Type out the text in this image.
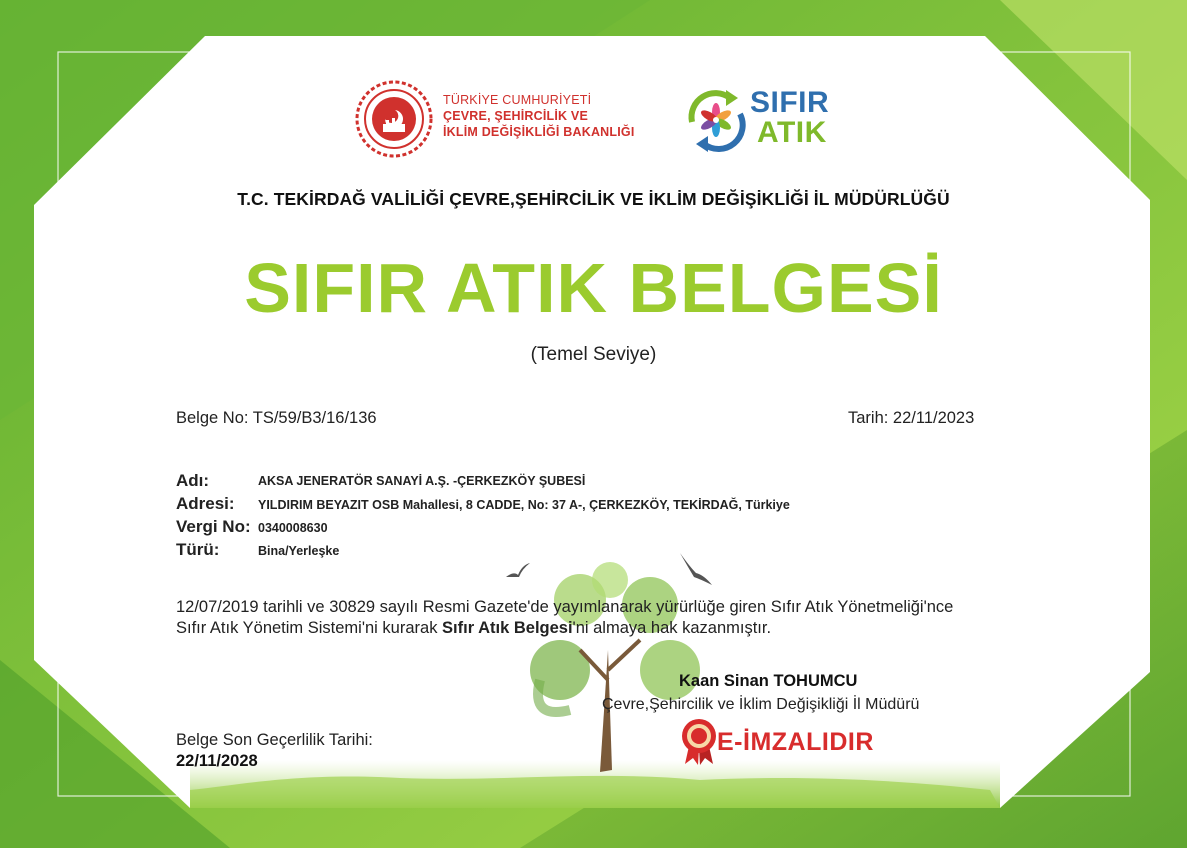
TÜRKİYE CUMHURİYETİ
ÇEVRE, ŞEHİRCİLİK VE
İKLİM DEĞİŞİKLİĞİ BAKANLIĞI
SIFIR
ATIK
T.C. TEKİRDAĞ VALİLİĞİ ÇEVRE,ŞEHİRCİLİK VE İKLİM DEĞİŞİKLİĞİ İL MÜDÜRLÜĞÜ
SIFIR ATIK BELGESİ
(Temel Seviye)
Belge No: TS/59/B3/16/136	Tarih: 22/11/2023
Adı:	AKSA JENERATÖR SANAYİ A.Ş. -ÇERKEZKÖY ŞUBESİ
Adresi: YILDIRIM BEYAZIT OSB Mahallesi, 8 CADDE, No: 37 A-, ÇERKEZKÖY, TEKİRDAĞ, Türkiye
Vergi No: 0340008630
Türü:	Bina/Yerleşke
12/07/2019 tarihli ve 30829 sayılı Resmi Gazete'de yayımlanarak yürürlüğe giren Sıfır Atık Yönetmeliği'nce Sıfır Atık Yönetim Sistemi'ni kurarak Sıfır Atık Belgesi'ni almaya hak kazanmıştır.
Kaan Sinan TOHUMCU
Çevre,Şehircilik ve İklim Değişikliği İl Müdürü
Belge Son Geçerlilik Tarihi:
22/11/2028
E-İMZALIDIR
